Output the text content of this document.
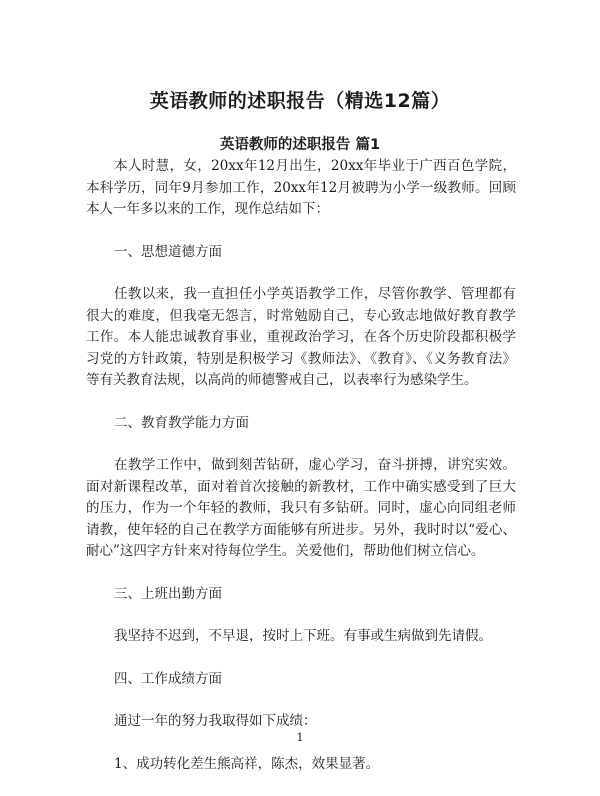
英语教师的述职报告（精选12篇）
英语教师的述职报告 篇1

本人时慧，女，20xx年12月出生，20xx年毕业于广西百色学院，本科学历，同年9月参加工作，20xx年12月被聘为小学一级教师。回顾本人一年多以来的工作，现作总结如下：

一、思想道德方面

任教以来，我一直担任小学英语教学工作，尽管你教学、管理都有很大的难度，但我毫无怨言，时常勉励自己，专心致志地做好教育教学工作。本人能忠诚教育事业，重视政治学习，在各个历史阶段都积极学习党的方针政策，特别是积极学习《教师法》、《教育》、《义务教育法》等有关教育法规，以高尚的师德警戒自己，以表率行为感染学生。

二、教育教学能力方面

在教学工作中，做到刻苦钻研，虚心学习，奋斗拼搏，讲究实效。面对新课程改革，面对着首次接触的新教材，工作中确实感受到了巨大的压力，作为一个年轻的教师，我只有多钻研。同时，虚心向同组老师请教，使年轻的自己在教学方面能够有所进步。另外，我时时以“爱心、耐心”这四字方针来对待每位学生。关爱他们，帮助他们树立信心。

三、上班出勤方面

我坚持不迟到，不早退，按时上下班。有事或生病做到先请假。

四、工作成绩方面

通过一年的努力我取得如下成绩：

1、成功转化差生熊高祥，陈杰，效果显著。

1
